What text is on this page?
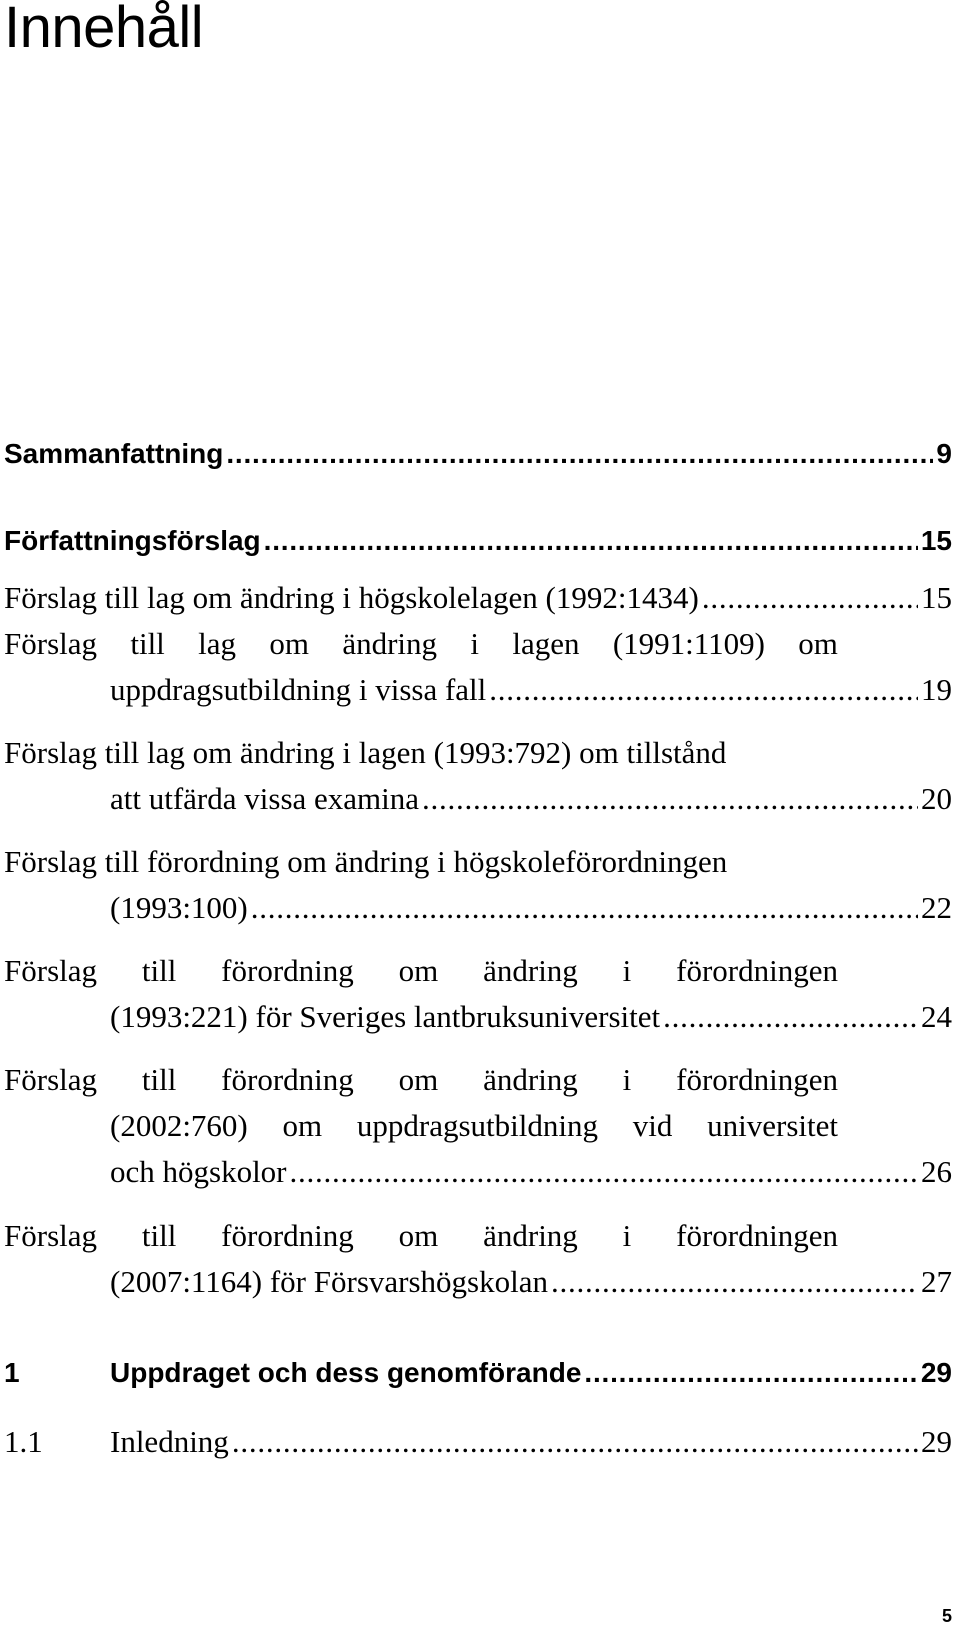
Innehåll
Sammanfattning . . .	9
Författningsförslag . . .	15
Förslag till lag om ändring i högskolelagen (1992:1434) . . .	15
Förslag till lag om ändring i lagen (1991:1109) om
uppdragsutbildning i vissa fall . . .	19
Förslag till lag om ändring i lagen (1993:792) om tillstånd
att utfärda vissa examina . . .	20
Förslag till förordning om ändring i högskoleförordningen
(1993:100) . . .	22
Förslag till förordning om ändring i förordningen
(1993:221) för Sveriges lantbruksuniversitet . . .	24
Förslag till förordning om ändring i förordningen
(2002:760) om uppdragsutbildning vid universitet
och högskolor . . .	26
Förslag till förordning om ändring i förordningen
(2007:1164) för Försvarshögskolan . . .	27
1	Uppdraget och dess genomförande . . .	29
1.1 Inledning . . .	29
5
